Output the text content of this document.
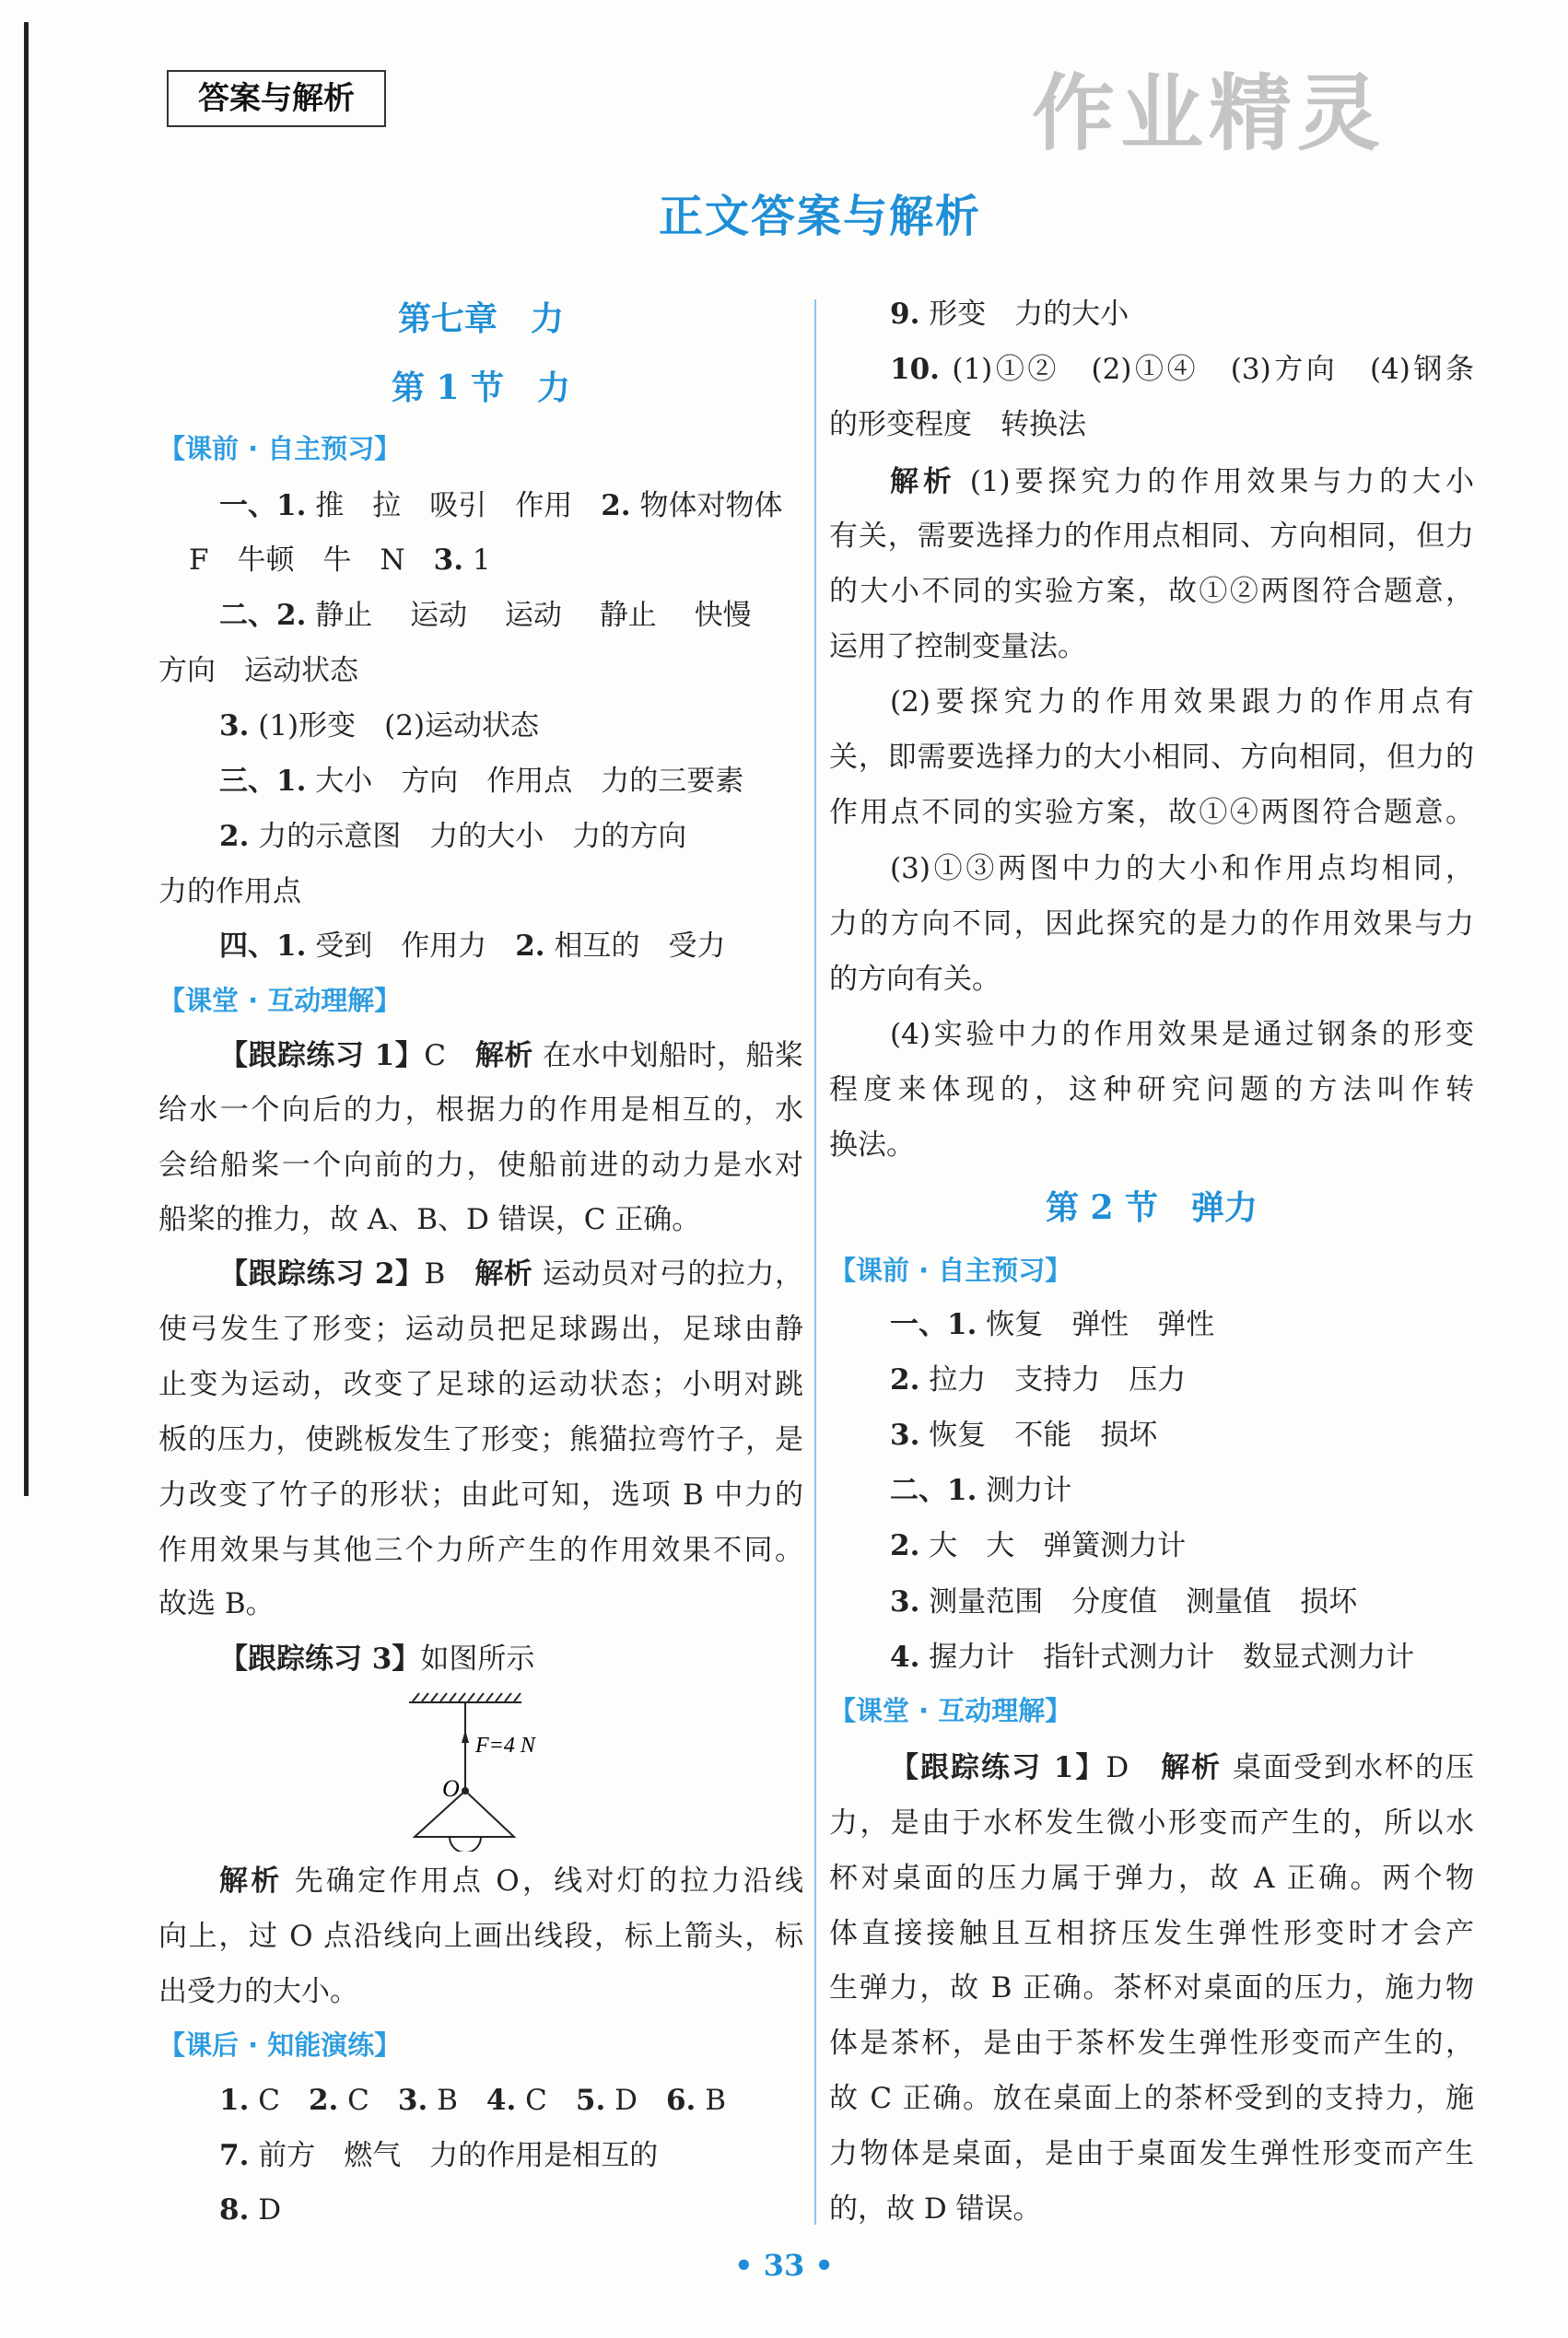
答案与解析	作业精灵
正文答案与解析
第七章　力
第 1 节　力
【课前 · 自主预习】
一、1. 推　拉　吸引　作用　2. 物体对物体
F　牛顿　牛　N　3. 1
二、2. 静止　 运动　 运动　 静止　 快慢
方向　运动状态
3. (1)形变　(2)运动状态
三、1. 大小　方向　作用点　力的三要素
2. 力的示意图　力的大小　力的方向
力的作用点
四、1. 受到　作用力　2. 相互的　受力
【课堂 · 互动理解】
【跟踪练习 1】C　解析 在水中划船时，船桨
给水一个向后的力，根据力的作用是相互的，水
会给船桨一个向前的力，使船前进的动力是水对
船桨的推力，故 A、B、D 错误，C 正确。
【跟踪练习 2】B　解析 运动员对弓的拉力，
使弓发生了形变；运动员把足球踢出，足球由静
止变为运动，改变了足球的运动状态；小明对跳
板的压力，使跳板发生了形变；熊猫拉弯竹子，是
力改变了竹子的形状；由此可知，选项 B 中力的
作用效果与其他三个力所产生的作用效果不同。
故选 B。
【跟踪练习 3】如图所示
解析 先确定作用点 O，线对灯的拉力沿线
向上，过 O 点沿线向上画出线段，标上箭头，标
出受力的大小。
【课后 · 知能演练】
1. C　2. C　3. B　4. C　5. D　6. B
7. 前方　燃气　力的作用是相互的
8. D
9. 形变　力的大小
10. (1)①②　(2)①④　(3)方向　(4)钢条
的形变程度　转换法
解析 (1)要探究力的作用效果与力的大小
有关，需要选择力的作用点相同、方向相同，但力
的大小不同的实验方案，故①②两图符合题意，
运用了控制变量法。
(2)要探究力的作用效果跟力的作用点有
关，即需要选择力的大小相同、方向相同，但力的
作用点不同的实验方案，故①④两图符合题意。
(3)①③两图中力的大小和作用点均相同，
力的方向不同，因此探究的是力的作用效果与力
的方向有关。
(4)实验中力的作用效果是通过钢条的形变
程度来体现的，这种研究问题的方法叫作转
换法。
第 2 节　弹力
【课前 · 自主预习】
一、1. 恢复　弹性　弹性
2. 拉力　支持力　压力
3. 恢复　不能　损坏
二、1. 测力计
2. 大　大　弹簧测力计
3. 测量范围　分度值　测量值　损坏
4. 握力计　指针式测力计　数显式测力计
【课堂 · 互动理解】
【跟踪练习 1】D　解析 桌面受到水杯的压
力，是由于水杯发生微小形变而产生的，所以水
杯对桌面的压力属于弹力，故 A 正确。两个物
体直接接触且互相挤压发生弹性形变时才会产
生弹力，故 B 正确。茶杯对桌面的压力，施力物
体是茶杯，是由于茶杯发生弹性形变而产生的，
故 C 正确。放在桌面上的茶杯受到的支持力，施
力物体是桌面，是由于桌面发生弹性形变而产生
的，故 D 错误。
F=4 N
O
• 33 •
